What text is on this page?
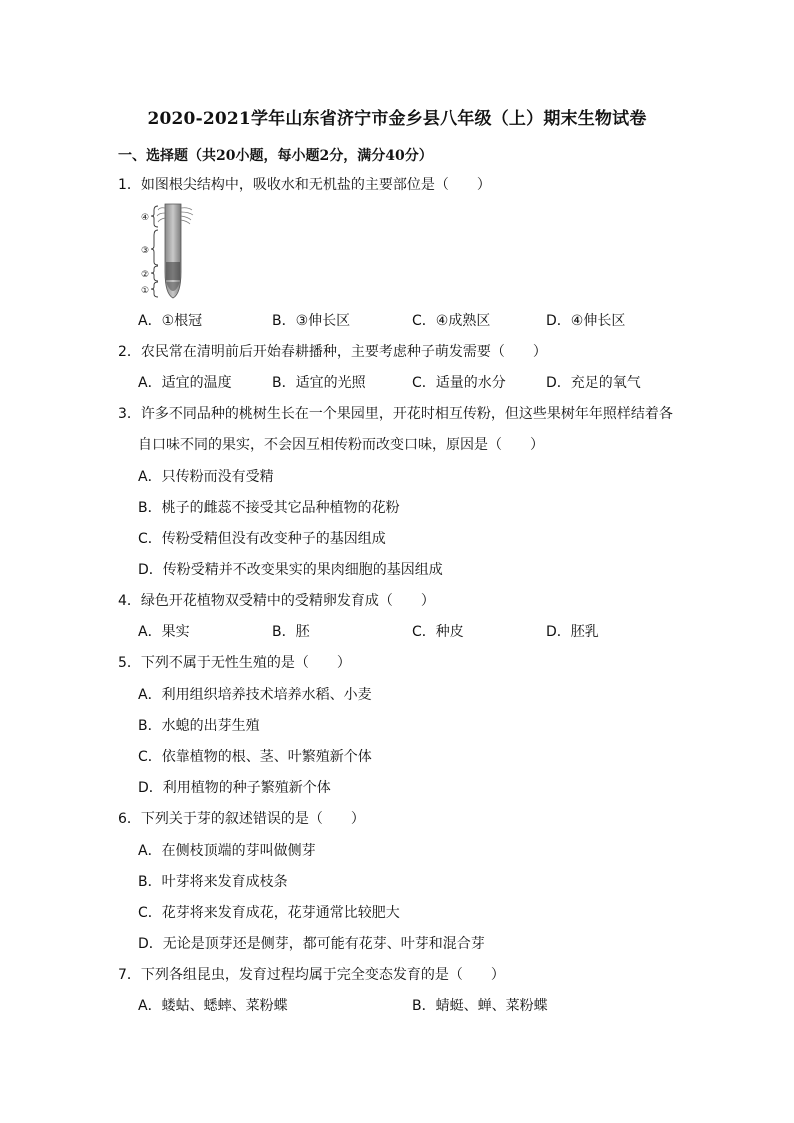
2020-2021学年山东省济宁市金乡县八年级（上）期末生物试卷
一、选择题（共20小题，每小题2分，满分40分）
1．如图根尖结构中，吸收水和无机盐的主要部位是（　　）
④
③
②
①
A．①根冠	B．③伸长区	C．④成熟区	D．④伸长区
2．农民常在清明前后开始春耕播种，主要考虑种子萌发需要（　　）
A．适宜的温度	B．适宜的光照	C．适量的水分	D．充足的氧气
3．许多不同品种的桃树生长在一个果园里，开花时相互传粉，但这些果树年年照样结着各
自口味不同的果实，不会因互相传粉而改变口味，原因是（　　）
A．只传粉而没有受精
B．桃子的雌蕊不接受其它品种植物的花粉
C．传粉受精但没有改变种子的基因组成
D．传粉受精并不改变果实的果肉细胞的基因组成
4．绿色开花植物双受精中的受精卵发育成（　　）
A．果实	B．胚	C．种皮	D．胚乳
5．下列不属于无性生殖的是（　　）
A．利用组织培养技术培养水稻、小麦
B．水螅的出芽生殖
C．依靠植物的根、茎、叶繁殖新个体
D．利用植物的种子繁殖新个体
6．下列关于芽的叙述错误的是（　　）
A．在侧枝顶端的芽叫做侧芽
B．叶芽将来发育成枝条
C．花芽将来发育成花，花芽通常比较肥大
D．无论是顶芽还是侧芽，都可能有花芽、叶芽和混合芽
7．下列各组昆虫，发育过程均属于完全变态发育的是（　　）
A．蝼蛄、蟋蟀、菜粉蝶	B．蜻蜓、蝉、菜粉蝶
